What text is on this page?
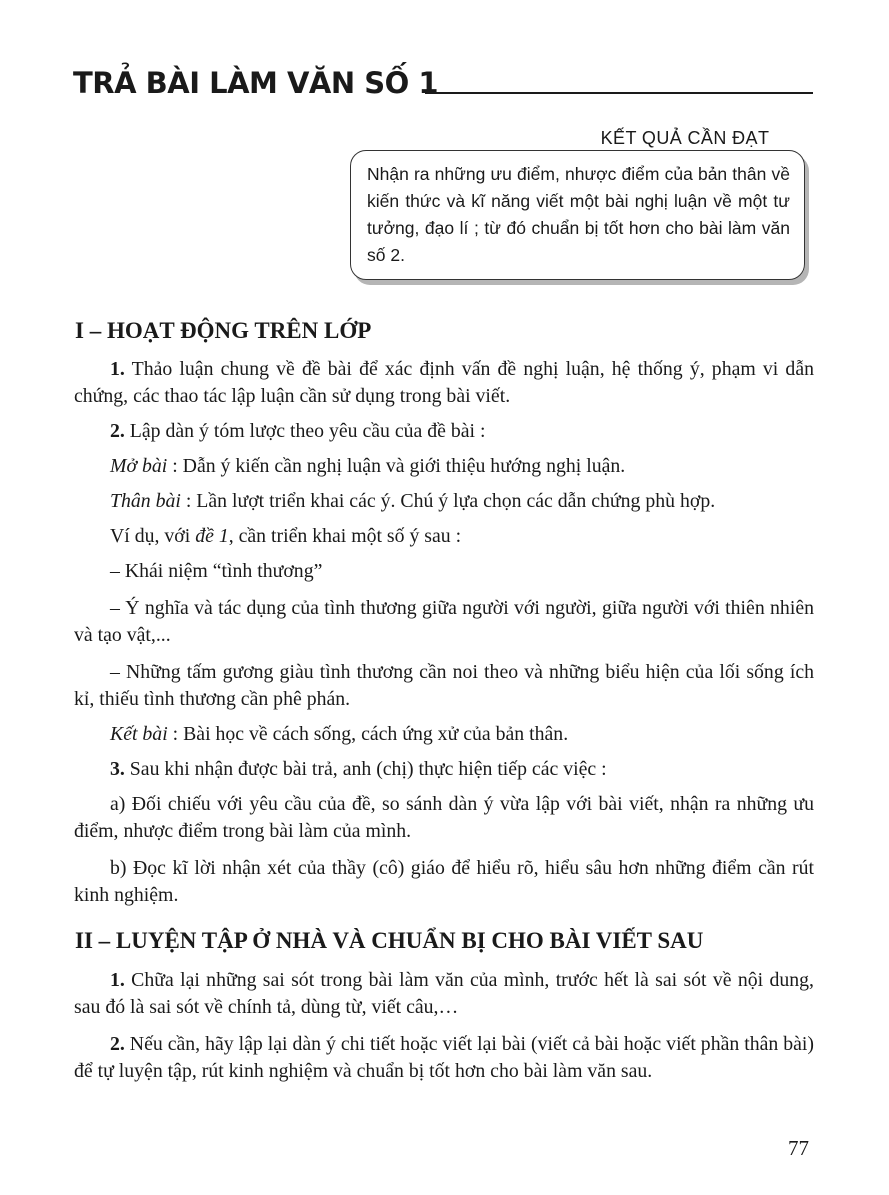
TRẢ BÀI LÀM VĂN SỐ 1

KẾT QUẢ CẦN ĐẠT

Nhận ra những ưu điểm, nhược điểm của bản thân về kiến thức và kĩ năng viết một bài nghị luận về một tư tưởng, đạo lí ; từ đó chuẩn bị tốt hơn cho bài làm văn số 2.

I – HOẠT ĐỘNG TRÊN LỚP

1. Thảo luận chung về đề bài để xác định vấn đề nghị luận, hệ thống ý, phạm vi dẫn chứng, các thao tác lập luận cần sử dụng trong bài viết.

2. Lập dàn ý tóm lược theo yêu cầu của đề bài :

Mở bài : Dẫn ý kiến cần nghị luận và giới thiệu hướng nghị luận.

Thân bài : Lần lượt triển khai các ý. Chú ý lựa chọn các dẫn chứng phù hợp.

Ví dụ, với đề 1, cần triển khai một số ý sau :

– Khái niệm “tình thương”

– Ý nghĩa và tác dụng của tình thương giữa người với người, giữa người với thiên nhiên và tạo vật,...

– Những tấm gương giàu tình thương cần noi theo và những biểu hiện của lối sống ích kỉ, thiếu tình thương cần phê phán.

Kết bài : Bài học về cách sống, cách ứng xử của bản thân.

3. Sau khi nhận được bài trả, anh (chị) thực hiện tiếp các việc :

a) Đối chiếu với yêu cầu của đề, so sánh dàn ý vừa lập với bài viết, nhận ra những ưu điểm, nhược điểm trong bài làm của mình.

b) Đọc kĩ lời nhận xét của thầy (cô) giáo để hiểu rõ, hiểu sâu hơn những điểm cần rút kinh nghiệm.

II – LUYỆN TẬP Ở NHÀ VÀ CHUẨN BỊ CHO BÀI VIẾT SAU

1. Chữa lại những sai sót trong bài làm văn của mình, trước hết là sai sót về nội dung, sau đó là sai sót về chính tả, dùng từ, viết câu,…

2. Nếu cần, hãy lập lại dàn ý chi tiết hoặc viết lại bài (viết cả bài hoặc viết phần thân bài) để tự luyện tập, rút kinh nghiệm và chuẩn bị tốt hơn cho bài làm văn sau.

77
